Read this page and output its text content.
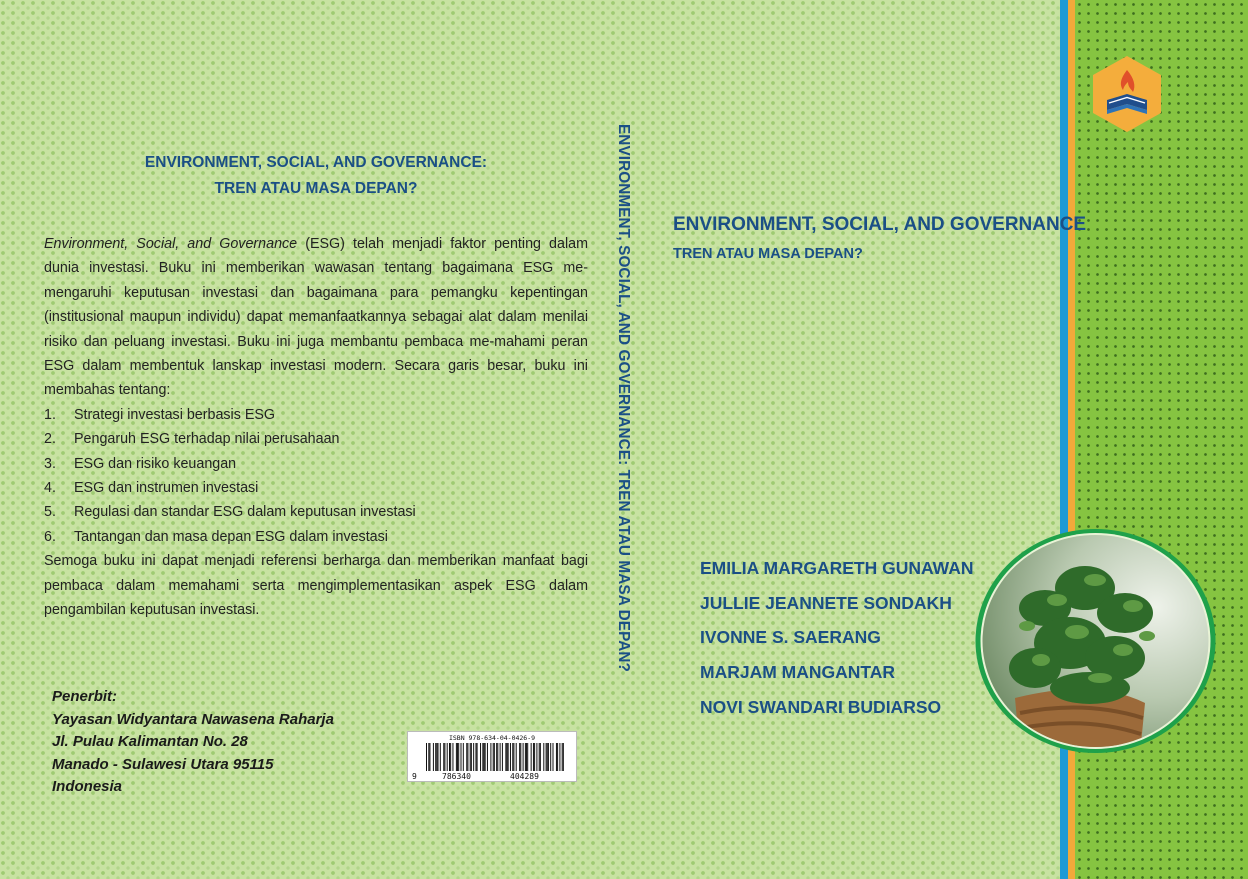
ENVIRONMENT, SOCIAL, AND GOVERNANCE:
TREN ATAU MASA DEPAN?

Environment, Social, and Governance (ESG) telah menjadi faktor penting dalam dunia investasi. Buku ini memberikan wawasan tentang bagaimana ESG me-mengaruhi keputusan investasi dan bagaimana para pemangku kepentingan (institusional maupun individu) dapat memanfaatkannya sebagai alat dalam menilai risiko dan peluang investasi. Buku ini juga membantu pembaca me-mahami peran ESG dalam membentuk lanskap investasi modern. Secara garis besar, buku ini membahas tentang:

1.	Strategi investasi berbasis ESG
2.	Pengaruh ESG terhadap nilai perusahaan
3.	ESG dan risiko keuangan
4.	ESG dan instrumen investasi
5.	Regulasi dan standar ESG dalam keputusan investasi
6.	Tantangan dan masa depan ESG dalam investasi

Semoga buku ini dapat menjadi referensi berharga dan memberikan manfaat bagi pembaca dalam memahami serta mengimplementasikan aspek ESG dalam pengambilan keputusan investasi.

Penerbit:
Yayasan Widyantara Nawasena Raharja
Jl. Pulau Kalimantan No. 28
Manado - Sulawesi Utara 95115
Indonesia
ISBN 978-634-04-0426-9
9	786340	404289
ENVIRONMENT, SOCIAL, AND GOVERNANCE: TREN ATAU MASA DEPAN? ENVIRONMENT, SOCIAL, AND GOVERNANCE
TREN ATAU MASA DEPAN?
EMILIA MARGARETH GUNAWAN
JULLIE JEANNETE SONDAKH
IVONNE S. SAERANG
MARJAM MANGANTAR
NOVI SWANDARI BUDIARSO
